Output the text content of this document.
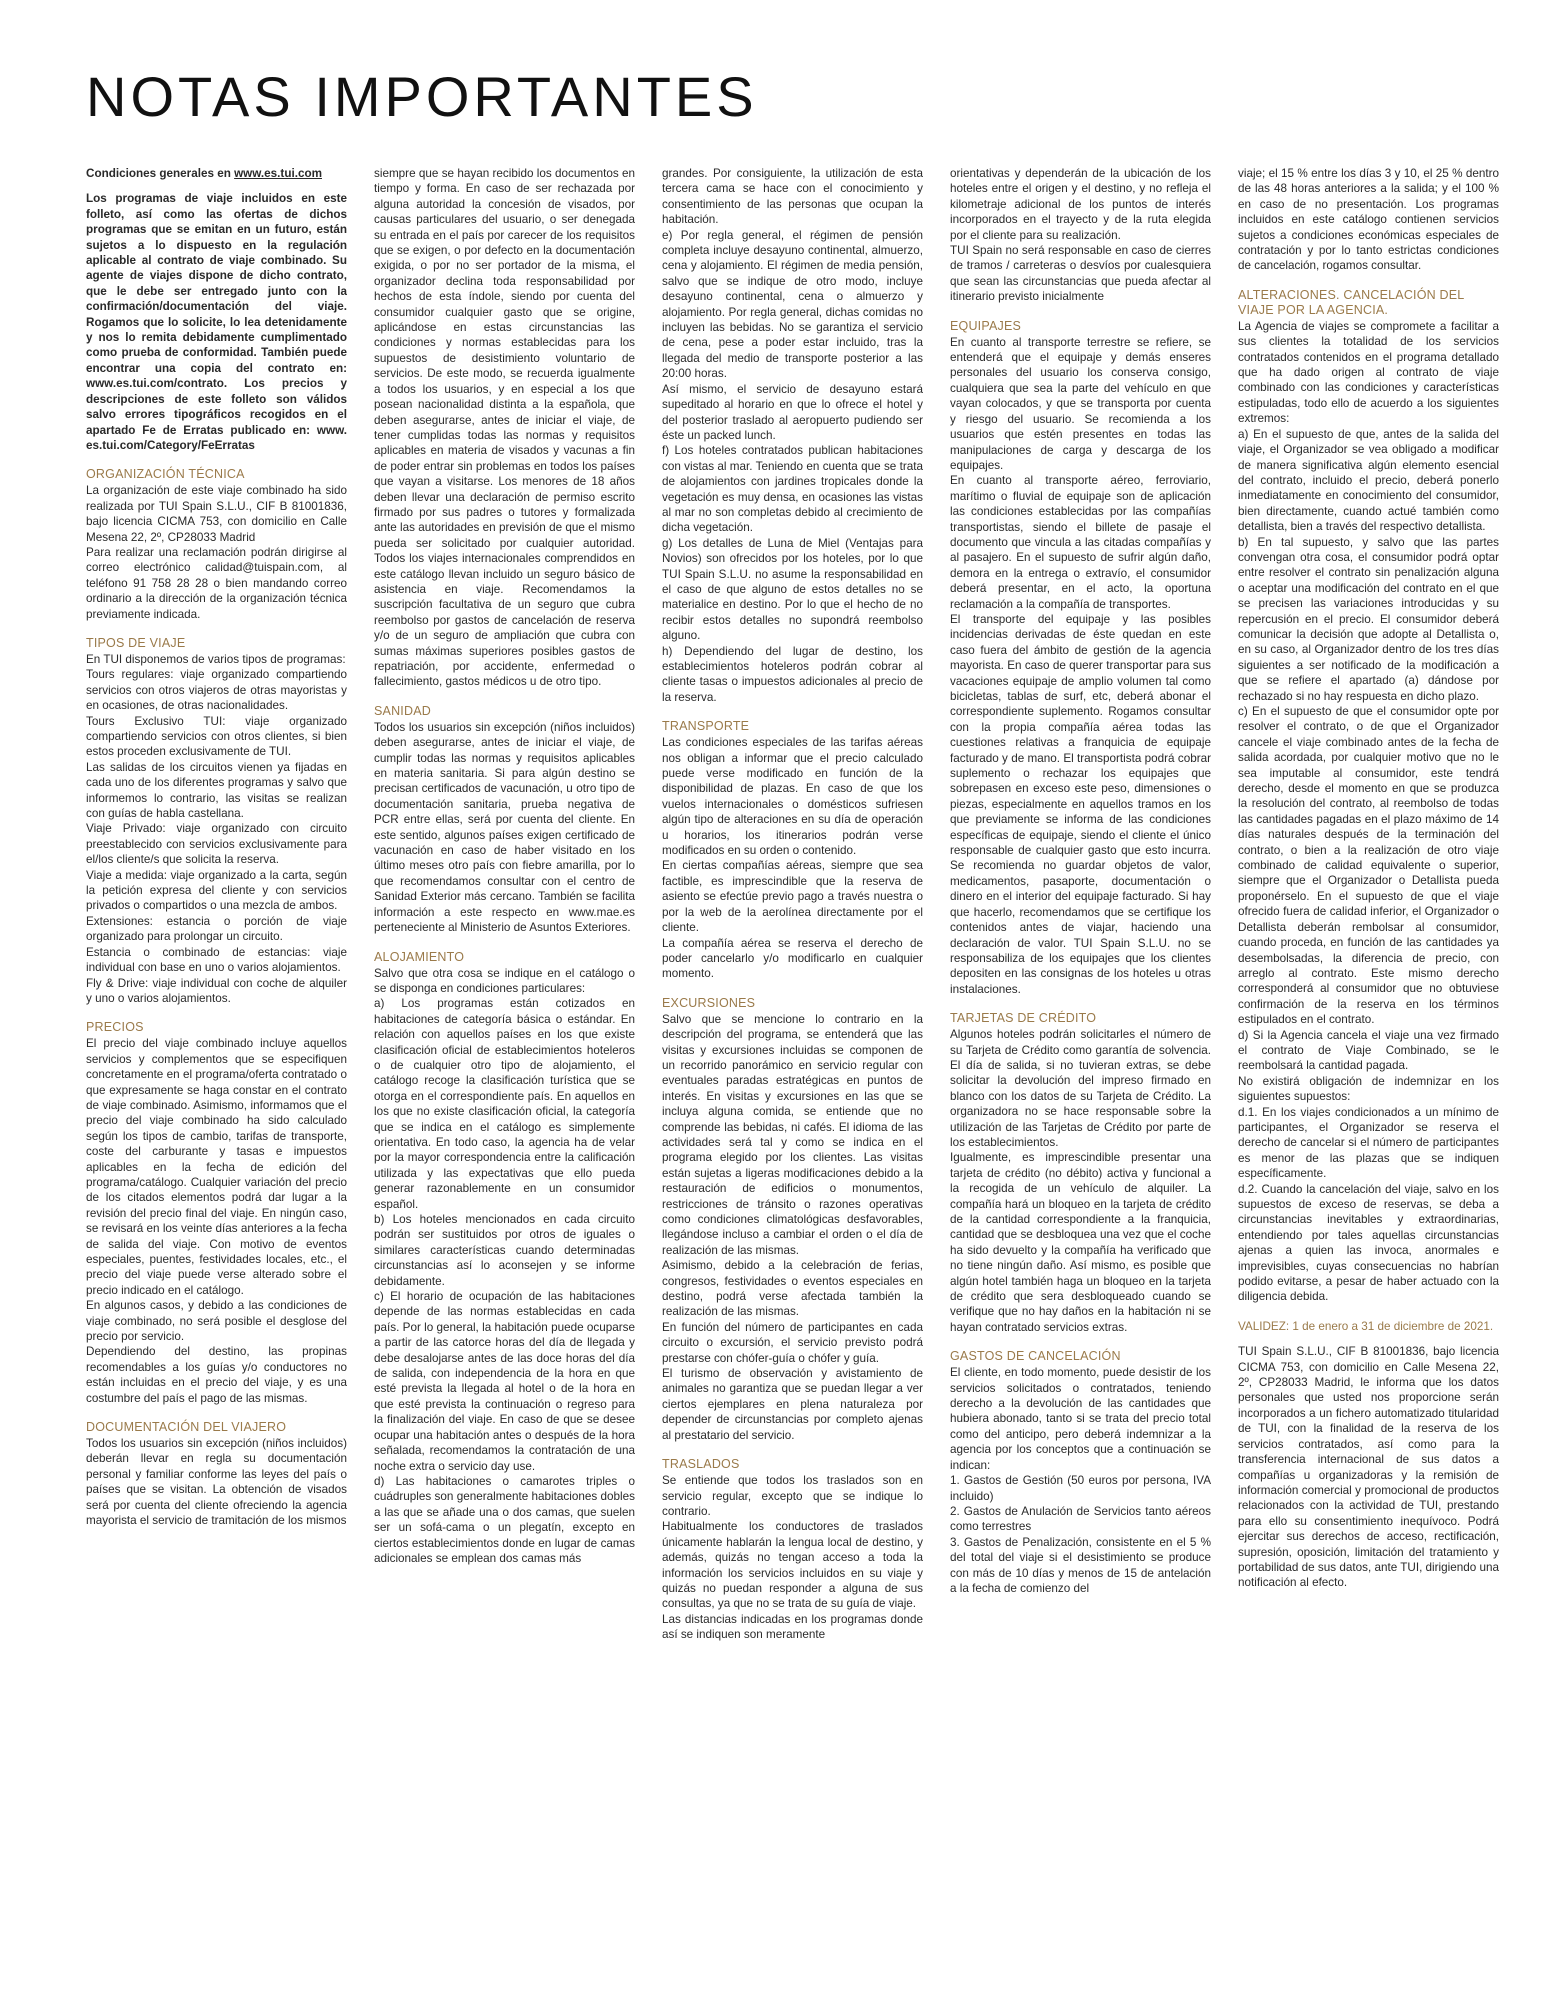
NOTAS IMPORTANTES

Condiciones generales en www.es.tui.com

Los programas de viaje incluidos en este folleto, así como las ofertas de dichos programas que se emitan en un futuro, están sujetos a lo dispuesto en la regulación aplicable al contrato de viaje combinado. Su agente de viajes dispone de dicho contrato, que le debe ser entregado junto con la confirmación/documentación del viaje. Rogamos que lo solicite, lo lea detenidamente y nos lo remita debidamente cumplimentado como prueba de conformidad. También puede encontrar una copia del contrato en: www.es.tui.com/contrato. Los precios y descripciones de este folleto son válidos salvo errores tipográficos recogidos en el apartado Fe de Erratas publicado en: www. es.tui.com/Category/FeErratas

ORGANIZACIÓN TÉCNICA

La organización de este viaje combinado ha sido realizada por TUI Spain S.L.U., CIF B 81001836, bajo licencia CICMA 753, con domicilio en Calle Mesena 22, 2º, CP28033 Madrid

Para realizar una reclamación podrán dirigirse al correo electrónico calidad@tuispain.com, al teléfono 91 758 28 28 o bien mandando correo ordinario a la dirección de la organización técnica previamente indicada.

TIPOS DE VIAJE

En TUI disponemos de varios tipos de programas:

Tours regulares: viaje organizado compartiendo servicios con otros viajeros de otras mayoristas y en ocasiones, de otras nacionalidades.

Tours Exclusivo TUI: viaje organizado compartiendo servicios con otros clientes, si bien estos proceden exclusivamente de TUI.

Las salidas de los circuitos vienen ya fijadas en cada uno de los diferentes programas y salvo que informemos lo contrario, las visitas se realizan con guías de habla castellana.

Viaje Privado: viaje organizado con circuito preestablecido con servicios exclusivamente para el/los cliente/s que solicita la reserva.

Viaje a medida: viaje organizado a la carta, según la petición expresa del cliente y con servicios privados o compartidos o una mezcla de ambos.

Extensiones: estancia o porción de viaje organizado para prolongar un circuito.

Estancia o combinado de estancias: viaje individual con base en uno o varios alojamientos.

Fly & Drive: viaje individual con coche de alquiler y uno o varios alojamientos.

PRECIOS

El precio del viaje combinado incluye aquellos servicios y complementos que se especifiquen concretamente en el programa/oferta contratado o que expresamente se haga constar en el contrato de viaje combinado. Asimismo, informamos que el precio del viaje combinado ha sido calculado según los tipos de cambio, tarifas de transporte, coste del carburante y tasas e impuestos aplicables en la fecha de edición del programa/catálogo. Cualquier variación del precio de los citados elementos podrá dar lugar a la revisión del precio final del viaje. En ningún caso, se revisará en los veinte días anteriores a la fecha de salida del viaje. Con motivo de eventos especiales, puentes, festividades locales, etc., el precio del viaje puede verse alterado sobre el precio indicado en el catálogo.

En algunos casos, y debido a las condiciones de viaje combinado, no será posible el desglose del precio por servicio.

Dependiendo del destino, las propinas recomendables a los guías y/o conductores no están incluidas en el precio del viaje, y es una costumbre del país el pago de las mismas.

DOCUMENTACIÓN DEL VIAJERO

Todos los usuarios sin excepción (niños incluidos) deberán llevar en regla su documentación personal y familiar conforme las leyes del país o países que se visitan. La obtención de visados será por cuenta del cliente ofreciendo la agencia mayorista el servicio de tramitación de los mismos

siempre que se hayan recibido los documentos en tiempo y forma. En caso de ser rechazada por alguna autoridad la concesión de visados, por causas particulares del usuario, o ser denegada su entrada en el país por carecer de los requisitos que se exigen, o por defecto en la documentación exigida, o por no ser portador de la misma, el organizador declina toda responsabilidad por hechos de esta índole, siendo por cuenta del consumidor cualquier gasto que se origine, aplicándose en estas circunstancias las condiciones y normas establecidas para los supuestos de desistimiento voluntario de servicios. De este modo, se recuerda igualmente a todos los usuarios, y en especial a los que posean nacionalidad distinta a la española, que deben asegurarse, antes de iniciar el viaje, de tener cumplidas todas las normas y requisitos aplicables en materia de visados y vacunas a fin de poder entrar sin problemas en todos los países que vayan a visitarse. Los menores de 18 años deben llevar una declaración de permiso escrito firmado por sus padres o tutores y formalizada ante las autoridades en previsión de que el mismo pueda ser solicitado por cualquier autoridad. Todos los viajes internacionales comprendidos en este catálogo llevan incluido un seguro básico de asistencia en viaje. Recomendamos la suscripción facultativa de un seguro que cubra reembolso por gastos de cancelación de reserva y/o de un seguro de ampliación que cubra con sumas máximas superiores posibles gastos de repatriación, por accidente, enfermedad o fallecimiento, gastos médicos u de otro tipo.

SANIDAD

Todos los usuarios sin excepción (niños incluidos) deben asegurarse, antes de iniciar el viaje, de cumplir todas las normas y requisitos aplicables en materia sanitaria. Si para algún destino se precisan certificados de vacunación, u otro tipo de documentación sanitaria, prueba negativa de PCR entre ellas, será por cuenta del cliente. En este sentido, algunos países exigen certificado de vacunación en caso de haber visitado en los último meses otro país con fiebre amarilla, por lo que recomendamos consultar con el centro de Sanidad Exterior más cercano. También se facilita información a este respecto en www.mae.es perteneciente al Ministerio de Asuntos Exteriores.

ALOJAMIENTO

Salvo que otra cosa se indique en el catálogo o se disponga en condiciones particulares:

a) Los programas están cotizados en habitaciones de categoría básica o estándar. En relación con aquellos países en los que existe clasificación oficial de establecimientos hoteleros o de cualquier otro tipo de alojamiento, el catálogo recoge la clasificación turística que se otorga en el correspondiente país. En aquellos en los que no existe clasificación oficial, la categoría que se indica en el catálogo es simplemente orientativa. En todo caso, la agencia ha de velar por la mayor correspondencia entre la calificación utilizada y las expectativas que ello pueda generar razonablemente en un consumidor español.

b) Los hoteles mencionados en cada circuito podrán ser sustituidos por otros de iguales o similares características cuando determinadas circunstancias así lo aconsejen y se informe debidamente.

c) El horario de ocupación de las habitaciones depende de las normas establecidas en cada país. Por lo general, la habitación puede ocuparse a partir de las catorce horas del día de llegada y debe desalojarse antes de las doce horas del día de salida, con independencia de la hora en que esté prevista la llegada al hotel o de la hora en que esté prevista la continuación o regreso para la finalización del viaje. En caso de que se desee ocupar una habitación antes o después de la hora señalada, recomendamos la contratación de una noche extra o servicio day use.

d) Las habitaciones o camarotes triples o cuádruples son generalmente habitaciones dobles a las que se añade una o dos camas, que suelen ser un sofá-cama o un plegatín, excepto en ciertos establecimientos donde en lugar de camas adicionales se emplean dos camas más

grandes. Por consiguiente, la utilización de esta tercera cama se hace con el conocimiento y consentimiento de las personas que ocupan la habitación.

e) Por regla general, el régimen de pensión completa incluye desayuno continental, almuerzo, cena y alojamiento. El régimen de media pensión, salvo que se indique de otro modo, incluye desayuno continental, cena o almuerzo y alojamiento. Por regla general, dichas comidas no incluyen las bebidas. No se garantiza el servicio de cena, pese a poder estar incluido, tras la llegada del medio de transporte posterior a las 20:00 horas.

Así mismo, el servicio de desayuno estará supeditado al horario en que lo ofrece el hotel y del posterior traslado al aeropuerto pudiendo ser éste un packed lunch.

f) Los hoteles contratados publican habitaciones con vistas al mar. Teniendo en cuenta que se trata de alojamientos con jardines tropicales donde la vegetación es muy densa, en ocasiones las vistas al mar no son completas debido al crecimiento de dicha vegetación.

g) Los detalles de Luna de Miel (Ventajas para Novios) son ofrecidos por los hoteles, por lo que TUI Spain S.L.U. no asume la responsabilidad en el caso de que alguno de estos detalles no se materialice en destino. Por lo que el hecho de no recibir estos detalles no supondrá reembolso alguno.

h) Dependiendo del lugar de destino, los establecimientos hoteleros podrán cobrar al cliente tasas o impuestos adicionales al precio de la reserva.

TRANSPORTE

Las condiciones especiales de las tarifas aéreas nos obligan a informar que el precio calculado puede verse modificado en función de la disponibilidad de plazas. En caso de que los vuelos internacionales o domésticos sufriesen algún tipo de alteraciones en su día de operación u horarios, los itinerarios podrán verse modificados en su orden o contenido.

En ciertas compañías aéreas, siempre que sea factible, es imprescindible que la reserva de asiento se efectúe previo pago a través nuestra o por la web de la aerolínea directamente por el cliente.

La compañía aérea se reserva el derecho de poder cancelarlo y/o modificarlo en cualquier momento.

EXCURSIONES

Salvo que se mencione lo contrario en la descripción del programa, se entenderá que las visitas y excursiones incluidas se componen de un recorrido panorámico en servicio regular con eventuales paradas estratégicas en puntos de interés. En visitas y excursiones en las que se incluya alguna comida, se entiende que no comprende las bebidas, ni cafés. El idioma de las actividades será tal y como se indica en el programa elegido por los clientes. Las visitas están sujetas a ligeras modificaciones debido a la restauración de edificios o monumentos, restricciones de tránsito o razones operativas como condiciones climatológicas desfavorables, llegándose incluso a cambiar el orden o el día de realización de las mismas.

Asimismo, debido a la celebración de ferias, congresos, festividades o eventos especiales en destino, podrá verse afectada también la realización de las mismas.

En función del número de participantes en cada circuito o excursión, el servicio previsto podrá prestarse con chófer-guía o chófer y guía.

El turismo de observación y avistamiento de animales no garantiza que se puedan llegar a ver ciertos ejemplares en plena naturaleza por depender de circunstancias por completo ajenas al prestatario del servicio.

TRASLADOS

Se entiende que todos los traslados son en servicio regular, excepto que se indique lo contrario.

Habitualmente los conductores de traslados únicamente hablarán la lengua local de destino, y además, quizás no tengan acceso a toda la información los servicios incluidos en su viaje y quizás no puedan responder a alguna de sus consultas, ya que no se trata de su guía de viaje.

Las distancias indicadas en los programas donde así se indiquen son meramente

orientativas y dependerán de la ubicación de los hoteles entre el origen y el destino, y no refleja el kilometraje adicional de los puntos de interés incorporados en el trayecto y de la ruta elegida por el cliente para su realización.

TUI Spain no será responsable en caso de cierres de tramos / carreteras o desvíos por cualesquiera que sean las circunstancias que pueda afectar al itinerario previsto inicialmente

EQUIPAJES

En cuanto al transporte terrestre se refiere, se entenderá que el equipaje y demás enseres personales del usuario los conserva consigo, cualquiera que sea la parte del vehículo en que vayan colocados, y que se transporta por cuenta y riesgo del usuario. Se recomienda a los usuarios que estén presentes en todas las manipulaciones de carga y descarga de los equipajes.

En cuanto al transporte aéreo, ferroviario, marítimo o fluvial de equipaje son de aplicación las condiciones establecidas por las compañías transportistas, siendo el billete de pasaje el documento que vincula a las citadas compañías y al pasajero. En el supuesto de sufrir algún daño, demora en la entrega o extravío, el consumidor deberá presentar, en el acto, la oportuna reclamación a la compañía de transportes.

El transporte del equipaje y las posibles incidencias derivadas de éste quedan en este caso fuera del ámbito de gestión de la agencia mayorista. En caso de querer transportar para sus vacaciones equipaje de amplio volumen tal como bicicletas, tablas de surf, etc, deberá abonar el correspondiente suplemento. Rogamos consultar con la propia compañía aérea todas las cuestiones relativas a franquicia de equipaje facturado y de mano. El transportista podrá cobrar suplemento o rechazar los equipajes que sobrepasen en exceso este peso, dimensiones o piezas, especialmente en aquellos tramos en los que previamente se informa de las condiciones específicas de equipaje, siendo el cliente el único responsable de cualquier gasto que esto incurra. Se recomienda no guardar objetos de valor, medicamentos, pasaporte, documentación o dinero en el interior del equipaje facturado. Si hay que hacerlo, recomendamos que se certifique los contenidos antes de viajar, haciendo una declaración de valor. TUI Spain S.L.U. no se responsabiliza de los equipajes que los clientes depositen en las consignas de los hoteles u otras instalaciones.

TARJETAS DE CRÉDITO

Algunos hoteles podrán solicitarles el número de su Tarjeta de Crédito como garantía de solvencia. El día de salida, si no tuvieran extras, se debe solicitar la devolución del impreso firmado en blanco con los datos de su Tarjeta de Crédito. La organizadora no se hace responsable sobre la utilización de las Tarjetas de Crédito por parte de los establecimientos.

Igualmente, es imprescindible presentar una tarjeta de crédito (no débito) activa y funcional a la recogida de un vehículo de alquiler. La compañía hará un bloqueo en la tarjeta de crédito de la cantidad correspondiente a la franquicia, cantidad que se desbloquea una vez que el coche ha sido devuelto y la compañía ha verificado que no tiene ningún daño. Así mismo, es posible que algún hotel también haga un bloqueo en la tarjeta de crédito que sera desbloqueado cuando se verifique que no hay daños en la habitación ni se hayan contratado servicios extras.

GASTOS DE CANCELACIÓN

El cliente, en todo momento, puede desistir de los servicios solicitados o contratados, teniendo derecho a la devolución de las cantidades que hubiera abonado, tanto si se trata del precio total como del anticipo, pero deberá indemnizar a la agencia por los conceptos que a continuación se indican:

1. Gastos de Gestión (50 euros por persona, IVA incluido)

2. Gastos de Anulación de Servicios tanto aéreos como terrestres

3. Gastos de Penalización, consistente en el 5 % del total del viaje si el desistimiento se produce con más de 10 días y menos de 15 de antelación a la fecha de comienzo del

viaje; el 15 % entre los días 3 y 10, el 25 % dentro de las 48 horas anteriores a la salida; y el 100 % en caso de no presentación. Los programas incluidos en este catálogo contienen servicios sujetos a condiciones económicas especiales de contratación y por lo tanto estrictas condiciones de cancelación, rogamos consultar.

ALTERACIONES. CANCELACIÓN DEL VIAJE POR LA AGENCIA.

La Agencia de viajes se compromete a facilitar a sus clientes la totalidad de los servicios contratados contenidos en el programa detallado que ha dado origen al contrato de viaje combinado con las condiciones y características estipuladas, todo ello de acuerdo a los siguientes extremos:

a) En el supuesto de que, antes de la salida del viaje, el Organizador se vea obligado a modificar de manera significativa algún elemento esencial del contrato, incluido el precio, deberá ponerlo inmediatamente en conocimiento del consumidor, bien directamente, cuando actué también como detallista, bien a través del respectivo detallista.

b) En tal supuesto, y salvo que las partes convengan otra cosa, el consumidor podrá optar entre resolver el contrato sin penalización alguna o aceptar una modificación del contrato en el que se precisen las variaciones introducidas y su repercusión en el precio. El consumidor deberá comunicar la decisión que adopte al Detallista o, en su caso, al Organizador dentro de los tres días siguientes a ser notificado de la modificación a que se refiere el apartado (a) dándose por rechazado si no hay respuesta en dicho plazo.

c) En el supuesto de que el consumidor opte por resolver el contrato, o de que el Organizador cancele el viaje combinado antes de la fecha de salida acordada, por cualquier motivo que no le sea imputable al consumidor, este tendrá derecho, desde el momento en que se produzca la resolución del contrato, al reembolso de todas las cantidades pagadas en el plazo máximo de 14 días naturales después de la terminación del contrato, o bien a la realización de otro viaje combinado de calidad equivalente o superior, siempre que el Organizador o Detallista pueda proponérselo. En el supuesto de que el viaje ofrecido fuera de calidad inferior, el Organizador o Detallista deberán rembolsar al consumidor, cuando proceda, en función de las cantidades ya desembolsadas, la diferencia de precio, con arreglo al contrato. Este mismo derecho corresponderá al consumidor que no obtuviese confirmación de la reserva en los términos estipulados en el contrato.

d) Si la Agencia cancela el viaje una vez firmado el contrato de Viaje Combinado, se le reembolsará la cantidad pagada.

No existirá obligación de indemnizar en los siguientes supuestos:

d.1. En los viajes condicionados a un mínimo de participantes, el Organizador se reserva el derecho de cancelar si el número de participantes es menor de las plazas que se indiquen específicamente.

d.2. Cuando la cancelación del viaje, salvo en los supuestos de exceso de reservas, se deba a circunstancias inevitables y extraordinarias, entendiendo por tales aquellas circunstancias ajenas a quien las invoca, anormales e imprevisibles, cuyas consecuencias no habrían podido evitarse, a pesar de haber actuado con la diligencia debida.

VALIDEZ: 1 de enero a 31 de diciembre de 2021.

TUI Spain S.L.U., CIF B 81001836, bajo licencia CICMA 753, con domicilio en Calle Mesena 22, 2º, CP28033 Madrid, le informa que los datos personales que usted nos proporcione serán incorporados a un fichero automatizado titularidad de TUI, con la finalidad de la reserva de los servicios contratados, así como para la transferencia internacional de sus datos a compañías u organizadoras y la remisión de información comercial y promocional de productos relacionados con la actividad de TUI, prestando para ello su consentimiento inequívoco. Podrá ejercitar sus derechos de acceso, rectificación, supresión, oposición, limitación del tratamiento y portabilidad de sus datos, ante TUI, dirigiendo una notificación al efecto.
